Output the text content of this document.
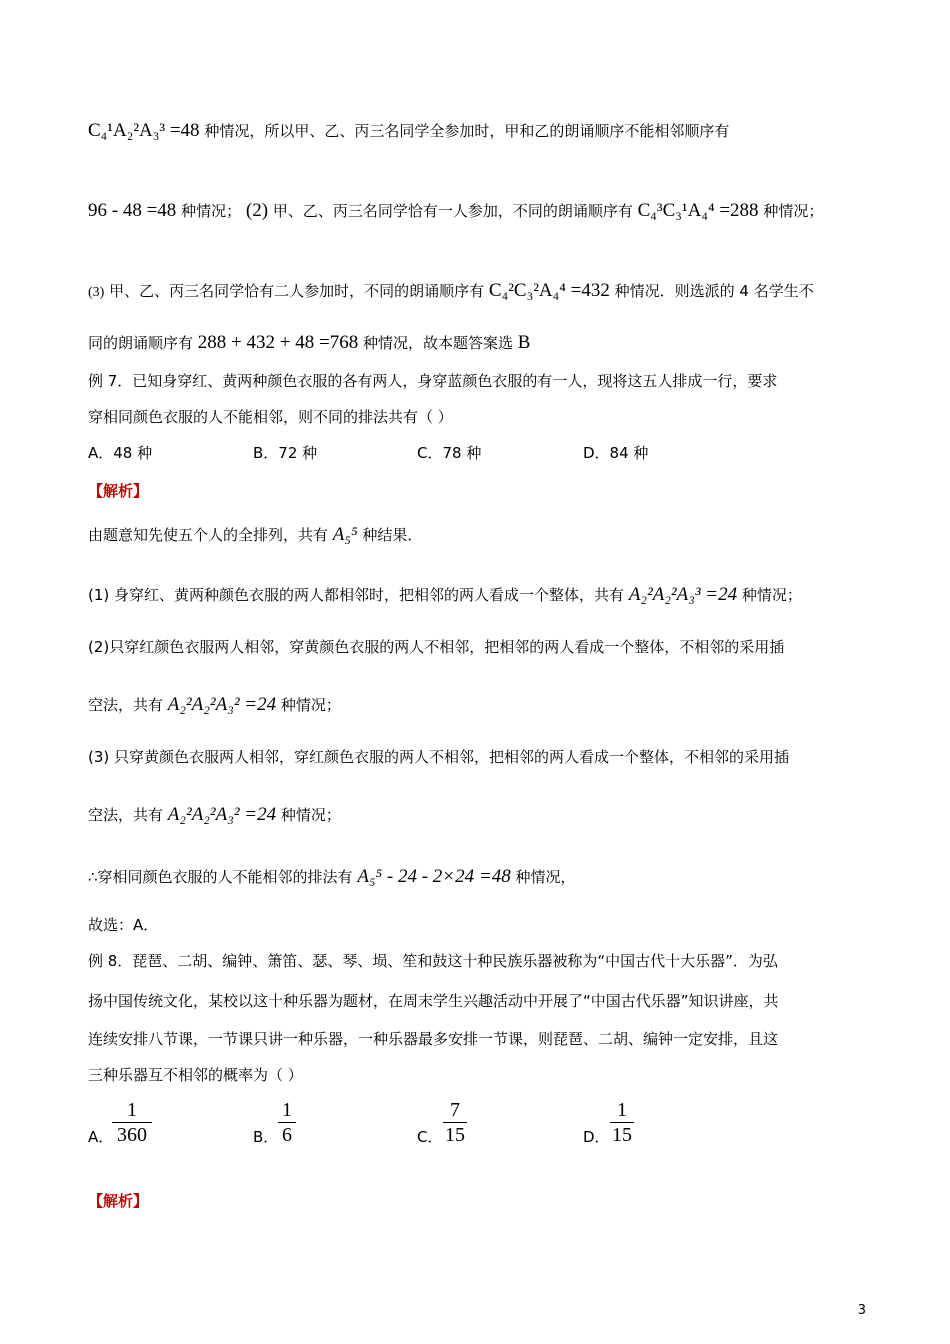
C₄¹A₂²A₃³ =48 种情况，所以甲、乙、丙三名同学全参加时，甲和乙的朗诵顺序不能相邻顺序有
96 - 48 =48 种情况； (2) 甲、乙、丙三名同学恰有一人参加，不同的朗诵顺序有 C₄³C₃¹A₄⁴ =288 种情况；
(3) 甲、乙、丙三名同学恰有二人参加时，不同的朗诵顺序有 C₄²C₃²A₄⁴ =432 种情况．则选派的 4 名学生不
同的朗诵顺序有 288 + 432 + 48 =768 种情况，故本题答案选 B
例 7．已知身穿红、黄两种颜色衣服的各有两人，身穿蓝颜色衣服的有一人，现将这五人排成一行，要求
穿相同颜色衣服的人不能相邻，则不同的排法共有（ ）
A．48 种	B．72 种	C．78 种	D．84 种
【解析】
由题意知先使五个人的全排列，共有 A₅⁵ 种结果．
(1) 身穿红、黄两种颜色衣服的两人都相邻时，把相邻的两人看成一个整体，共有 A₂²A₂²A₃³ =24 种情况；
(2)只穿红颜色衣服两人相邻，穿黄颜色衣服的两人不相邻，把相邻的两人看成一个整体，不相邻的采用插
空法，共有 A₂²A₂²A₃² =24 种情况；
(3) 只穿黄颜色衣服两人相邻，穿红颜色衣服的两人不相邻，把相邻的两人看成一个整体，不相邻的采用插
空法，共有 A₂²A₂²A₃² =24 种情况；
∴穿相同颜色衣服的人不能相邻的排法有 A₅⁵ - 24 - 2×24 =48 种情况，
故选：A．
例 8．琵琶、二胡、编钟、箫笛、瑟、琴、埙、笙和鼓这十种民族乐器被称为“中国古代十大乐器”．为弘
扬中国传统文化，某校以这十种乐器为题材，在周末学生兴趣活动中开展了“中国古代乐器”知识讲座，共
连续安排八节课，一节课只讲一种乐器，一种乐器最多安排一节课，则琵琶、二胡、编钟一定安排，且这
三种乐器互不相邻的概率为（ ）
A．
1
360	B．
1
6	C．
7
15	D．
1
15
【解析】
3
